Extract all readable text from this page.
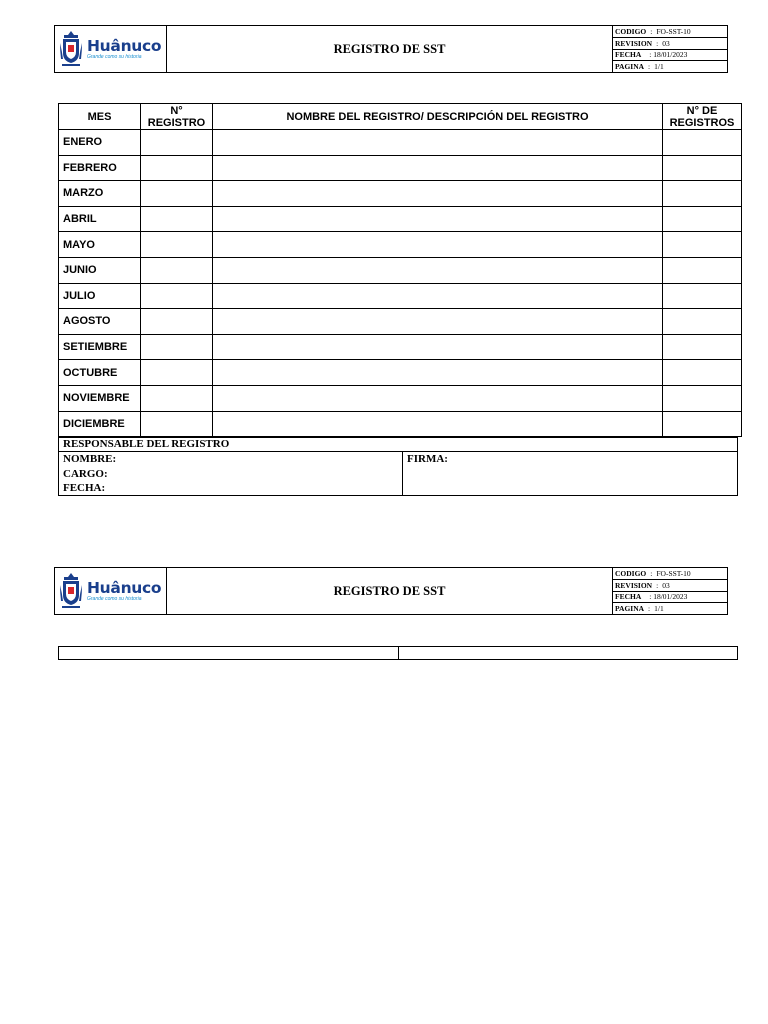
Huânuco
Grande como su historia
REGISTRO DE SST
CODIGO : FO-SST-10
REVISION : 03
FECHA : 18/01/2023
PAGINA : 1/1
MES	N° REGISTRO	NOMBRE DEL REGISTRO/ DESCRIPCIÓN DEL REGISTRO	N° DE REGISTROS
ENERO			
FEBRERO			
MARZO			
ABRIL			
MAYO			
JUNIO			
JULIO			
AGOSTO			
SETIEMBRE			
OCTUBRE			
NOVIEMBRE			
DICIEMBRE			
RESPONSABLE DEL REGISTRO
NOMBRE:
CARGO:
FECHA:
FIRMA:
Huânuco
Grande como su historia
REGISTRO DE SST
CODIGO : FO-SST-10
REVISION : 03
FECHA : 18/01/2023
PAGINA : 1/1
